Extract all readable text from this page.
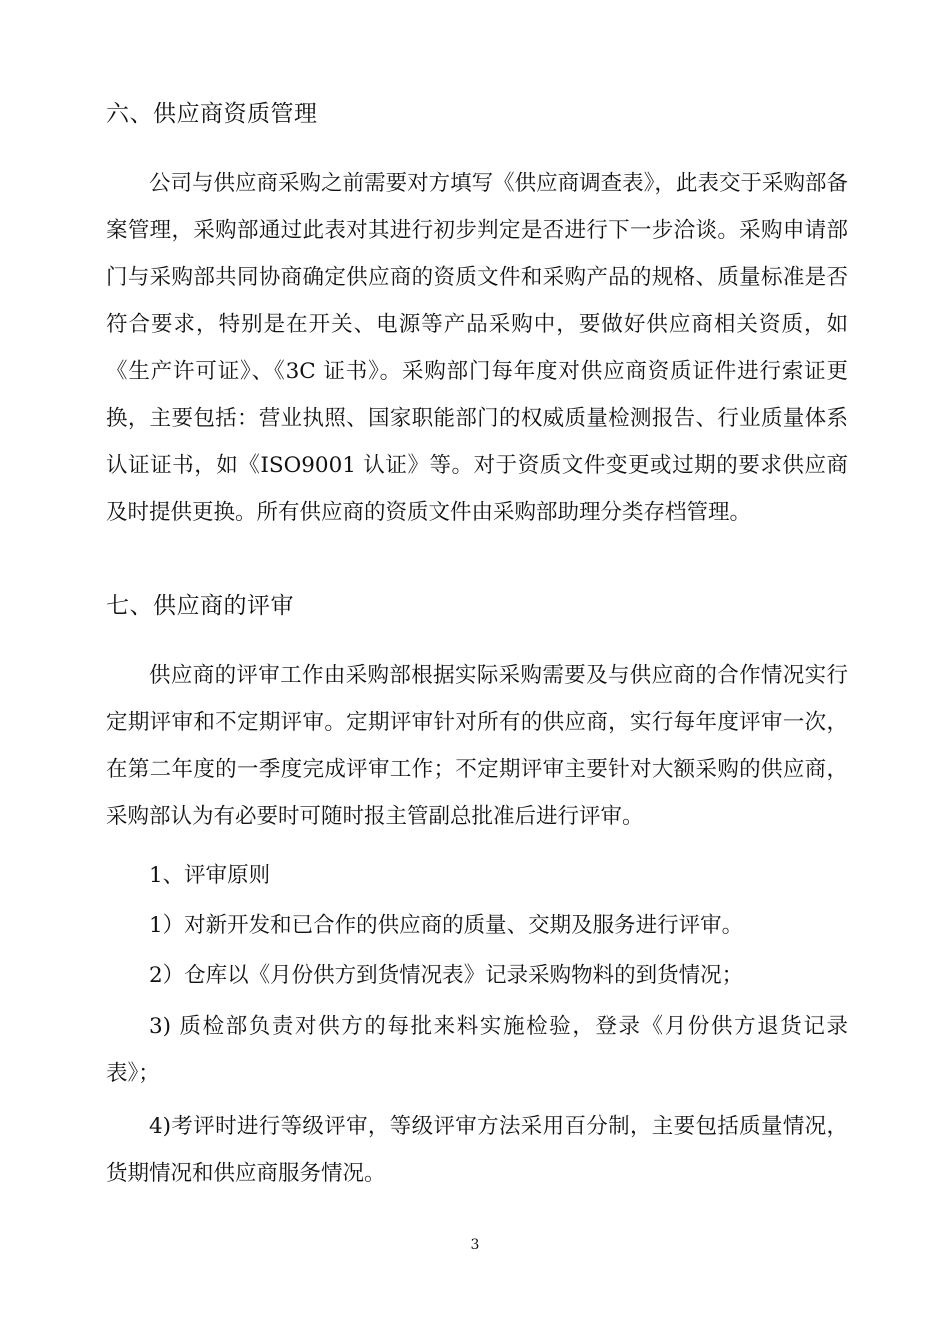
六、供应商资质管理
公司与供应商采购之前需要对方填写《供应商调查表》，此表交于采购部备案管理，采购部通过此表对其进行初步判定是否进行下一步洽谈。采购申请部门与采购部共同协商确定供应商的资质文件和采购产品的规格、质量标准是否符合要求，特别是在开关、电源等产品采购中，要做好供应商相关资质，如《生产许可证》、《3C 证书》。采购部门每年度对供应商资质证件进行索证更换，主要包括：营业执照、国家职能部门的权威质量检测报告、行业质量体系认证证书，如《ISO9001 认证》等。对于资质文件变更或过期的要求供应商及时提供更换。所有供应商的资质文件由采购部助理分类存档管理。
七、供应商的评审
供应商的评审工作由采购部根据实际采购需要及与供应商的合作情况实行定期评审和不定期评审。定期评审针对所有的供应商，实行每年度评审一次，在第二年度的一季度完成评审工作；不定期评审主要针对大额采购的供应商，采购部认为有必要时可随时报主管副总批准后进行评审。
1、评审原则
1）对新开发和已合作的供应商的质量、交期及服务进行评审。
2）仓库以《月份供方到货情况表》记录采购物料的到货情况；
3) 质检部负责对供方的每批来料实施检验，登录《月份供方退货记录表》；
4)考评时进行等级评审，等级评审方法采用百分制，主要包括质量情况，货期情况和供应商服务情况。
3
